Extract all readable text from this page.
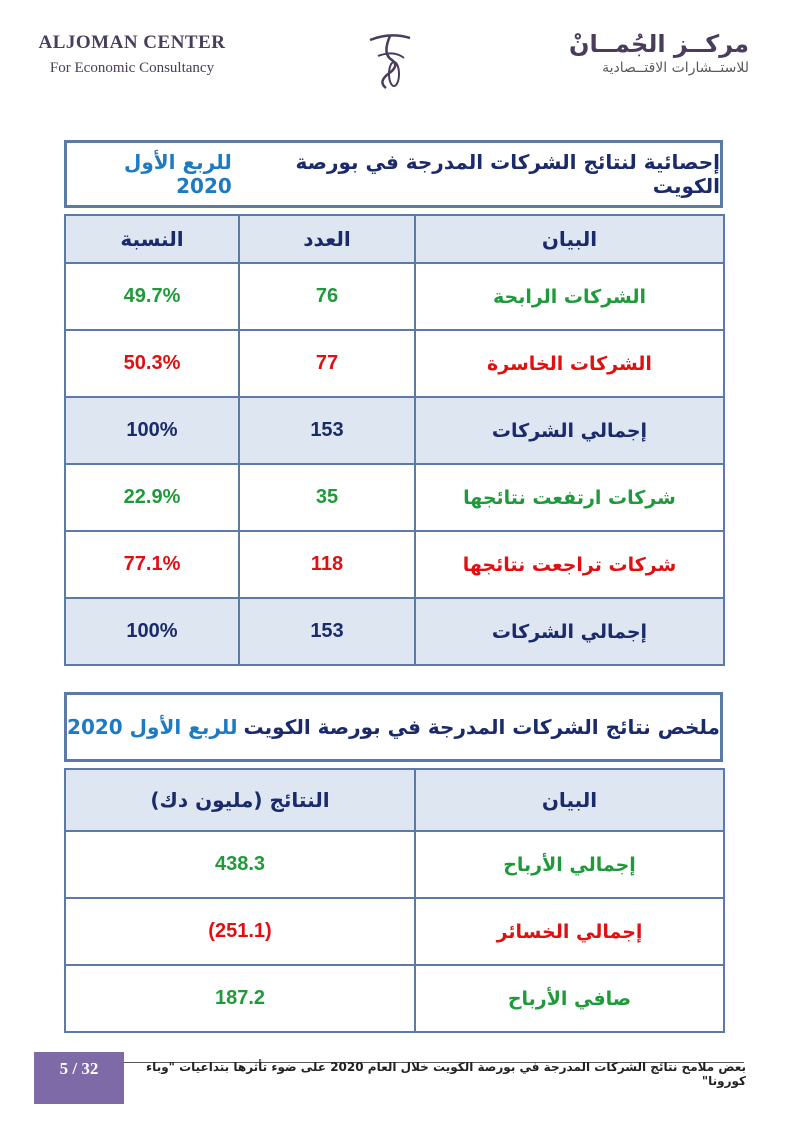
ALJOMAN CENTER
For Economic Consultancy
مركــز الجُمــانْ
للاستــشارات الاقتــصادية
إحصائية لنتائج الشركات المدرجة في بورصة الكويت
للربع الأول 2020
البيان	العدد	النسبة
الشركات الرابحة	76	49.7%
الشركات الخاسرة	77	50.3%
إجمالي الشركات	153	100%
شركات ارتفعت نتائجها	35	22.9%
شركات تراجعت نتائجها	118	77.1%
إجمالي الشركات	153	100%
ملخص نتائج الشركات المدرجة في بورصة الكويت
للربع الأول 2020
البيان	النتائج (مليون دك)
إجمالي الأرباح	438.3
إجمالي الخسائر	(251.1)
صافي الأرباح	187.2
5 / 32	بعض ملامح نتائج الشركات المدرجة في بورصة الكويت خلال العام 2020 على ضوء تأثرها بتداعيات "وباء كورونا"
